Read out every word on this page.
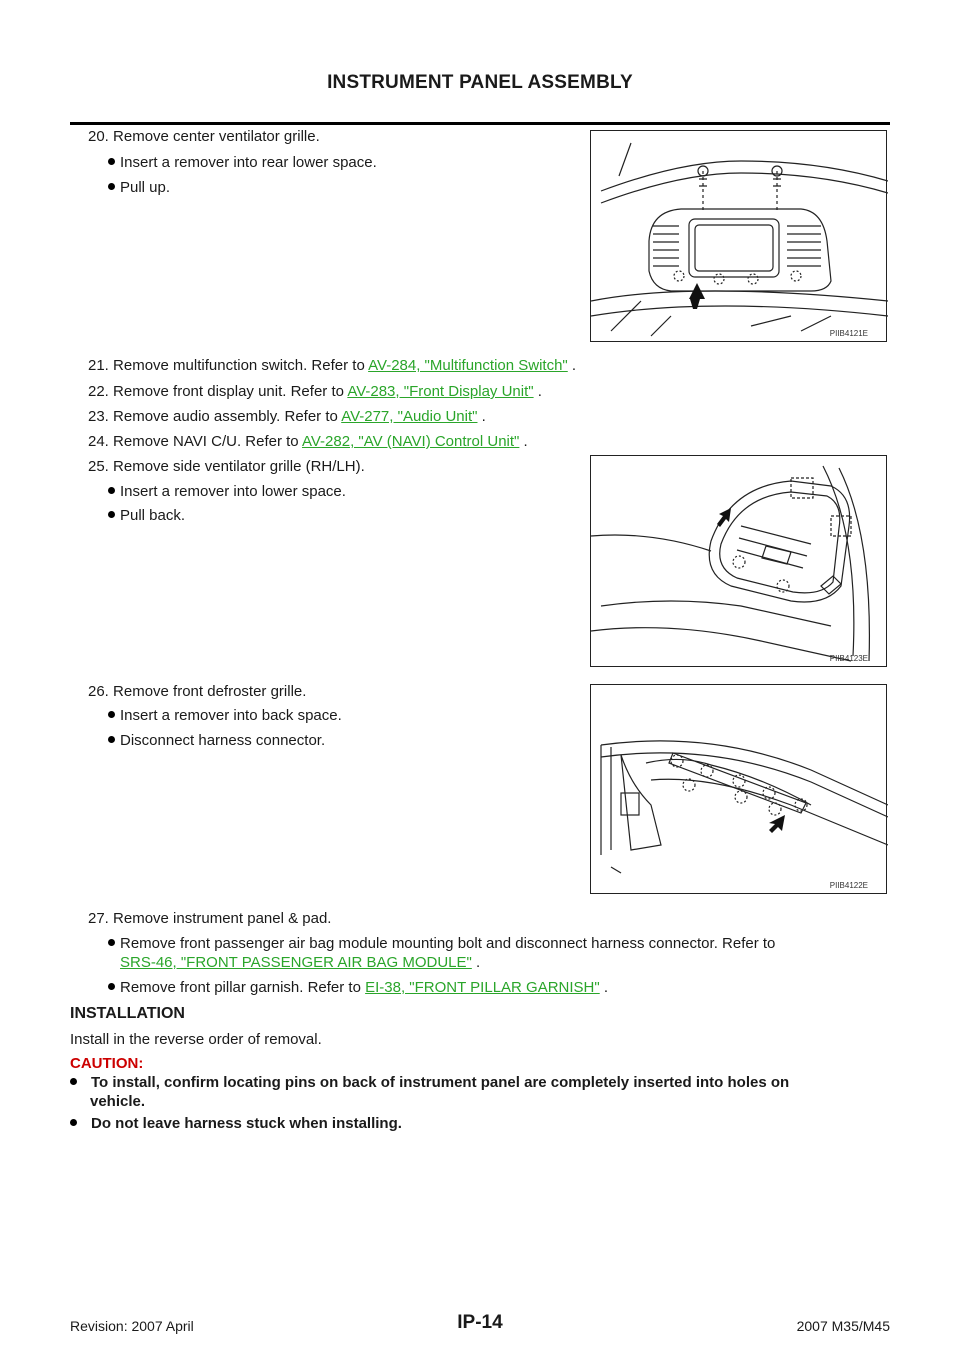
INSTRUMENT PANEL ASSEMBLY
20. Remove center ventilator grille.
Insert a remover into rear lower space.
Pull up.
PIIB4121E
21. Remove multifunction switch. Refer to AV-284, "Multifunction Switch" .
22. Remove front display unit. Refer to AV-283, "Front Display Unit" .
23. Remove audio assembly. Refer to AV-277, "Audio Unit" .
24. Remove NAVI C/U. Refer to AV-282, "AV (NAVI) Control Unit" .
25. Remove side ventilator grille (RH/LH).
Insert a remover into lower space.
Pull back.
PIIB4123E
26. Remove front defroster grille.
Insert a remover into back space.
Disconnect harness connector.
PIIB4122E
27. Remove instrument panel & pad.
Remove front passenger air bag module mounting bolt and disconnect harness connector. Refer to
SRS-46, "FRONT PASSENGER AIR BAG MODULE" .
Remove front pillar garnish. Refer to EI-38, "FRONT PILLAR GARNISH" .
INSTALLATION
Install in the reverse order of removal.
CAUTION:
To install, confirm locating pins on back of instrument panel are completely inserted into holes on
vehicle.
Do not leave harness stuck when installing.
Revision: 2007 April	IP-14	2007 M35/M45
